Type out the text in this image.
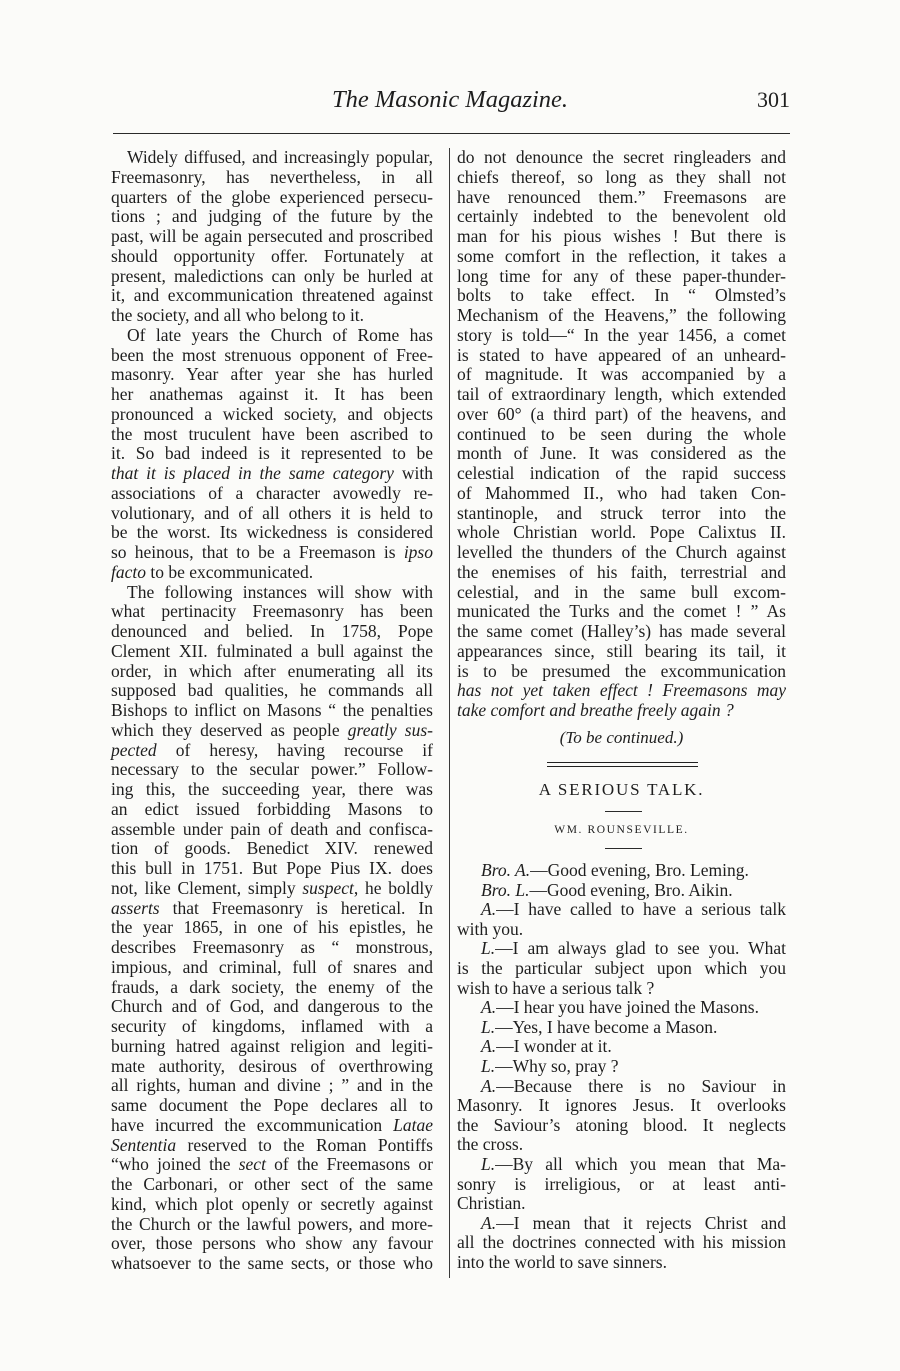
The Masonic Magazine.	301
Widely diffused, and increasingly popular,
Freemasonry, has nevertheless, in all
quarters of the globe experienced persecu-
tions ; and judging of the future by the
past, will be again persecuted and proscribed
should opportunity offer. Fortunately at
present, maledictions can only be hurled at
it, and excommunication threatened against
the society, and all who belong to it.
Of late years the Church of Rome has
been the most strenuous opponent of Free-
masonry. Year after year she has hurled
her anathemas against it. It has been
pronounced a wicked society, and objects
the most truculent have been ascribed to
it. So bad indeed is it represented to be
that it is placed in the same category with
associations of a character avowedly re-
volutionary, and of all others it is held to
be the worst. Its wickedness is considered
so heinous, that to be a Freemason is ipso
facto to be excommunicated.
The following instances will show with
what pertinacity Freemasonry has been
denounced and belied. In 1758, Pope
Clement XII. fulminated a bull against the
order, in which after enumerating all its
supposed bad qualities, he commands all
Bishops to inflict on Masons “ the penalties
which they deserved as people greatly sus-
pected of heresy, having recourse if
necessary to the secular power.” Follow-
ing this, the succeeding year, there was
an edict issued forbidding Masons to
assemble under pain of death and confisca-
tion of goods. Benedict XIV. renewed
this bull in 1751. But Pope Pius IX. does
not, like Clement, simply suspect, he boldly
asserts that Freemasonry is heretical. In
the year 1865, in one of his epistles, he
describes Freemasonry as “ monstrous,
impious, and criminal, full of snares and
frauds, a dark society, the enemy of the
Church and of God, and dangerous to the
security of kingdoms, inflamed with a
burning hatred against religion and legiti-
mate authority, desirous of overthrowing
all rights, human and divine ; ” and in the
same document the Pope declares all to
have incurred the excommunication Latae
Sententia reserved to the Roman Pontiffs
“who joined the sect of the Freemasons or
the Carbonari, or other sect of the same
kind, which plot openly or secretly against
the Church or the lawful powers, and more-
over, those persons who show any favour
whatsoever to the same sects, or those who
do not denounce the secret ringleaders and
chiefs thereof, so long as they shall not
have renounced them.” Freemasons are
certainly indebted to the benevolent old
man for his pious wishes ! But there is
some comfort in the reflection, it takes a
long time for any of these paper-thunder-
bolts to take effect. In “ Olmsted’s
Mechanism of the Heavens,” the following
story is told—“ In the year 1456, a comet
is stated to have appeared of an unheard-
of magnitude. It was accompanied by a
tail of extraordinary length, which extended
over 60° (a third part) of the heavens, and
continued to be seen during the whole
month of June. It was considered as the
celestial indication of the rapid success
of Mahommed II., who had taken Con-
stantinople, and struck terror into the
whole Christian world. Pope Calixtus II.
levelled the thunders of the Church against
the enemises of his faith, terrestrial and
celestial, and in the same bull excom-
municated the Turks and the comet ! ” As
the same comet (Halley’s) has made several
appearances since, still bearing its tail, it
is to be presumed the excommunication
has not yet taken effect ! Freemasons may
take comfort and breathe freely again ?
(To be continued.)
A SERIOUS TALK.
WM. ROUNSEVILLE.
Bro. A.—Good evening, Bro. Leming.
Bro. L.—Good evening, Bro. Aikin.
A.—I have called to have a serious talk
with you.
L.—I am always glad to see you. What
is the particular subject upon which you
wish to have a serious talk ?
A.—I hear you have joined the Masons.
L.—Yes, I have become a Mason.
A.—I wonder at it.
L.—Why so, pray ?
A.—Because there is no Saviour in
Masonry. It ignores Jesus. It overlooks
the Saviour’s atoning blood. It neglects
the cross.
L.—By all which you mean that Ma-
sonry is irreligious, or at least anti-
Christian.
A.—I mean that it rejects Christ and
all the doctrines connected with his mission
into the world to save sinners.
